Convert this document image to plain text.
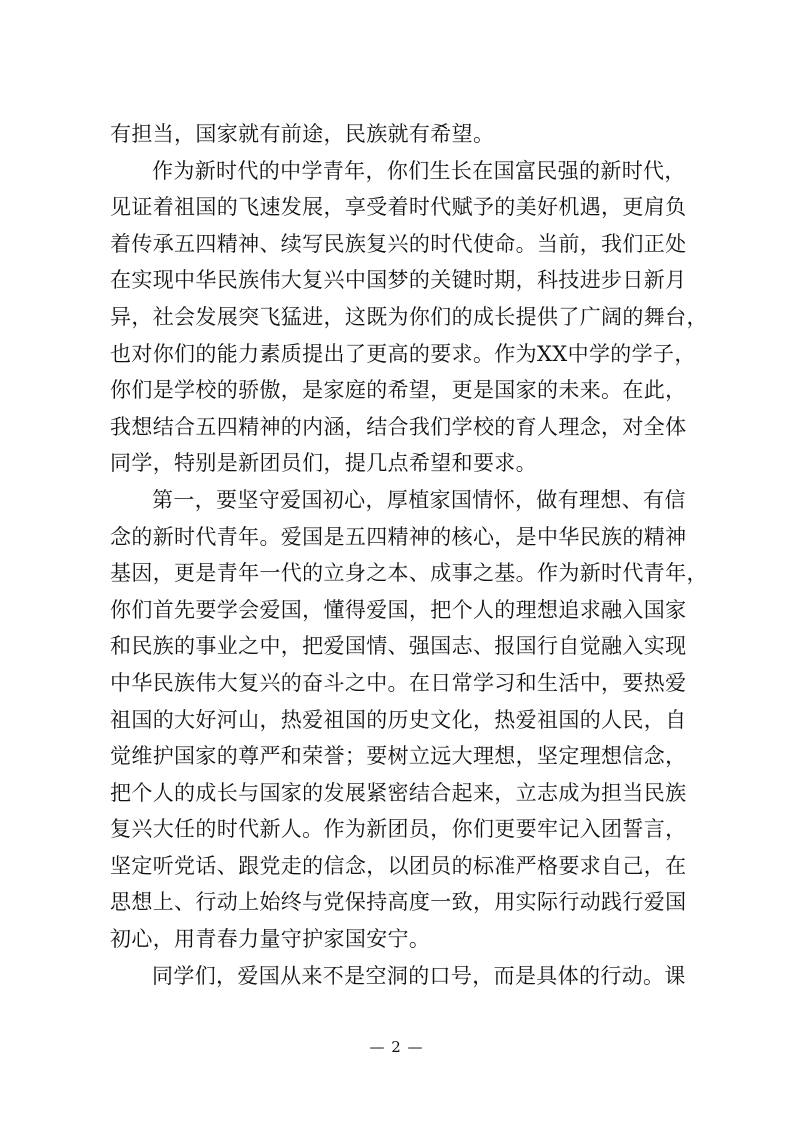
有担当，国家就有前途，民族就有希望。
作为新时代的中学青年，你们生长在国富民强的新时代，
见证着祖国的飞速发展，享受着时代赋予的美好机遇，更肩负
着传承五四精神、续写民族复兴的时代使命。当前，我们正处
在实现中华民族伟大复兴中国梦的关键时期，科技进步日新月
异，社会发展突飞猛进，这既为你们的成长提供了广阔的舞台，
也对你们的能力素质提出了更高的要求。作为XX中学的学子，
你们是学校的骄傲，是家庭的希望，更是国家的未来。在此，
我想结合五四精神的内涵，结合我们学校的育人理念，对全体
同学，特别是新团员们，提几点希望和要求。
第一，要坚守爱国初心，厚植家国情怀，做有理想、有信
念的新时代青年。爱国是五四精神的核心，是中华民族的精神
基因，更是青年一代的立身之本、成事之基。作为新时代青年，
你们首先要学会爱国，懂得爱国，把个人的理想追求融入国家
和民族的事业之中，把爱国情、强国志、报国行自觉融入实现
中华民族伟大复兴的奋斗之中。在日常学习和生活中，要热爱
祖国的大好河山，热爱祖国的历史文化，热爱祖国的人民，自
觉维护国家的尊严和荣誉；要树立远大理想，坚定理想信念，
把个人的成长与国家的发展紧密结合起来，立志成为担当民族
复兴大任的时代新人。作为新团员，你们更要牢记入团誓言，
坚定听党话、跟党走的信念，以团员的标准严格要求自己，在
思想上、行动上始终与党保持高度一致，用实际行动践行爱国
初心，用青春力量守护家国安宁。
同学们，爱国从来不是空洞的口号，而是具体的行动。课
— 2 —
